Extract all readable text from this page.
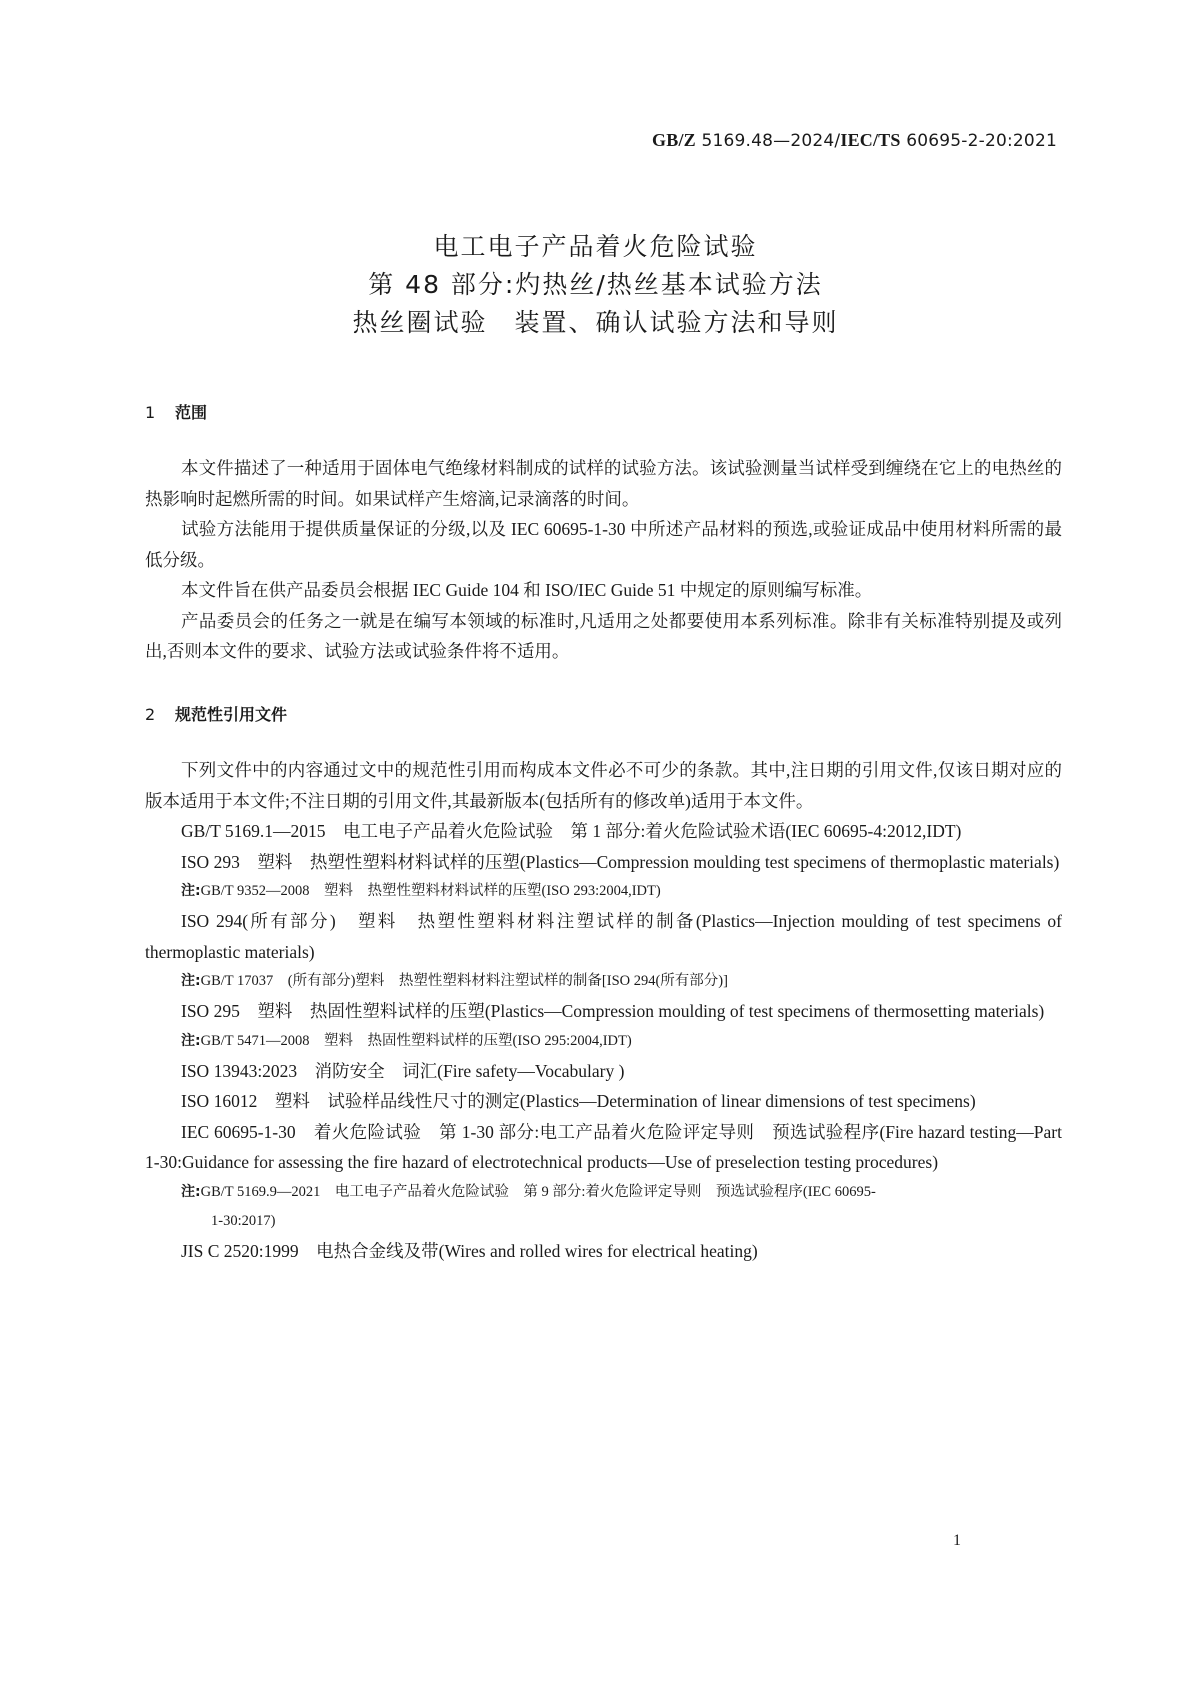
GB/Z 5169.48—2024/IEC/TS 60695-2-20:2021
电工电子产品着火危险试验
第 48 部分:灼热丝/热丝基本试验方法
热丝圈试验　装置、确认试验方法和导则
1 范围

本文件描述了一种适用于固体电气绝缘材料制成的试样的试验方法。该试验测量当试样受到缠绕在它上的电热丝的热影响时起燃所需的时间。如果试样产生熔滴,记录滴落的时间。

试验方法能用于提供质量保证的分级,以及 IEC 60695-1-30 中所述产品材料的预选,或验证成品中使用材料所需的最低分级。

本文件旨在供产品委员会根据 IEC Guide 104 和 ISO/IEC Guide 51 中规定的原则编写标准。

产品委员会的任务之一就是在编写本领域的标准时,凡适用之处都要使用本系列标准。除非有关标准特别提及或列出,否则本文件的要求、试验方法或试验条件将不适用。

2 规范性引用文件

下列文件中的内容通过文中的规范性引用而构成本文件必不可少的条款。其中,注日期的引用文件,仅该日期对应的版本适用于本文件;不注日期的引用文件,其最新版本(包括所有的修改单)适用于本文件。

GB/T 5169.1—2015　电工电子产品着火危险试验　第 1 部分:着火危险试验术语(IEC 60695-4:2012,IDT)

ISO 293　塑料　热塑性塑料材料试样的压塑(Plastics—Compression moulding test specimens of thermoplastic materials)

注:GB/T 9352—2008　塑料　热塑性塑料材料试样的压塑(ISO 293:2004,IDT)

ISO 294(所有部分)　塑料　热塑性塑料材料注塑试样的制备(Plastics—Injection moulding of test specimens of thermoplastic materials)

注:GB/T 17037　(所有部分)塑料　热塑性塑料材料注塑试样的制备[ISO 294(所有部分)]

ISO 295　塑料　热固性塑料试样的压塑(Plastics—Compression moulding of test specimens of thermosetting materials)

注:GB/T 5471—2008　塑料　热固性塑料试样的压塑(ISO 295:2004,IDT)

ISO 13943:2023　消防安全　词汇(Fire safety—Vocabulary )

ISO 16012　塑料　试验样品线性尺寸的测定(Plastics—Determination of linear dimensions of test specimens)

IEC 60695-1-30　着火危险试验　第 1-30 部分:电工产品着火危险评定导则　预选试验程序(Fire hazard testing—Part 1-30:Guidance for assessing the fire hazard of electrotechnical products—Use of preselection testing procedures)

注:GB/T 5169.9—2021　电工电子产品着火危险试验　第 9 部分:着火危险评定导则　预选试验程序(IEC 60695-
1-30:2017)

JIS C 2520:1999　电热合金线及带(Wires and rolled wires for electrical heating)

1
